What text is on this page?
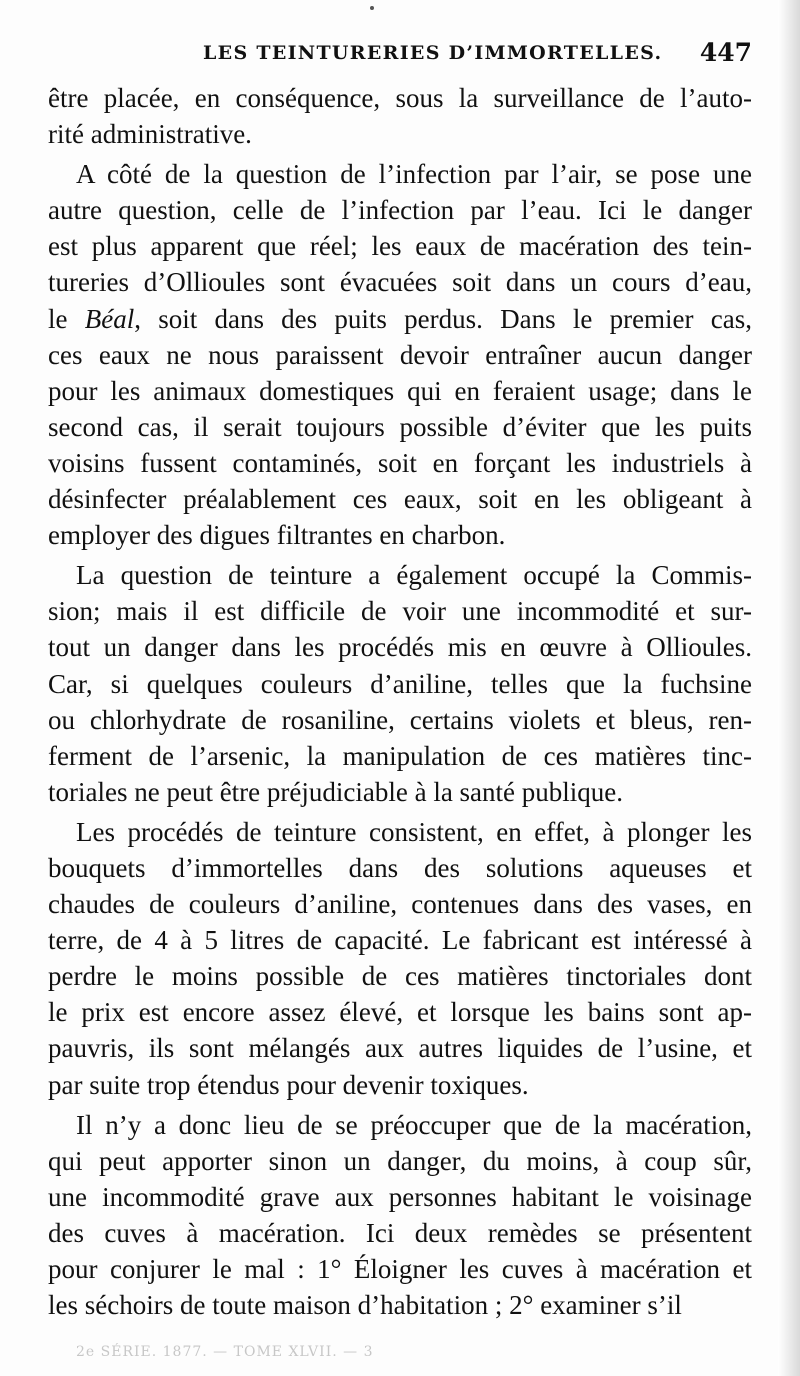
LES TEINTURERIES D’IMMORTELLES. 447
être placée, en conséquence, sous la surveillance de l’auto-
rité administrative.
A côté de la question de l’infection par l’air, se pose une
autre question, celle de l’infection par l’eau. Ici le danger
est plus apparent que réel; les eaux de macération des tein-
tureries d’Ollioules sont évacuées soit dans un cours d’eau,
le Béal, soit dans des puits perdus. Dans le premier cas,
ces eaux ne nous paraissent devoir entraîner aucun danger
pour les animaux domestiques qui en feraient usage; dans le
second cas, il serait toujours possible d’éviter que les puits
voisins fussent contaminés, soit en forçant les industriels à
désinfecter préalablement ces eaux, soit en les obligeant à
employer des digues filtrantes en charbon.
La question de teinture a également occupé la Commis-
sion; mais il est difficile de voir une incommodité et sur-
tout un danger dans les procédés mis en œuvre à Ollioules.
Car, si quelques couleurs d’aniline, telles que la fuchsine
ou chlorhydrate de rosaniline, certains violets et bleus, ren-
ferment de l’arsenic, la manipulation de ces matières tinc-
toriales ne peut être préjudiciable à la santé publique.
Les procédés de teinture consistent, en effet, à plonger les
bouquets d’immortelles dans des solutions aqueuses et
chaudes de couleurs d’aniline, contenues dans des vases, en
terre, de 4 à 5 litres de capacité. Le fabricant est intéressé à
perdre le moins possible de ces matières tinctoriales dont
le prix est encore assez élevé, et lorsque les bains sont ap-
pauvris, ils sont mélangés aux autres liquides de l’usine, et
par suite trop étendus pour devenir toxiques.
Il n’y a donc lieu de se préoccuper que de la macération,
qui peut apporter sinon un danger, du moins, à coup sûr,
une incommodité grave aux personnes habitant le voisinage
des cuves à macération. Ici deux remèdes se présentent
pour conjurer le mal : 1° Éloigner les cuves à macération et
les séchoirs de toute maison d’habitation ; 2° examiner s’il
2e SÉRIE. 1877. — TOME XLVII. — 3
